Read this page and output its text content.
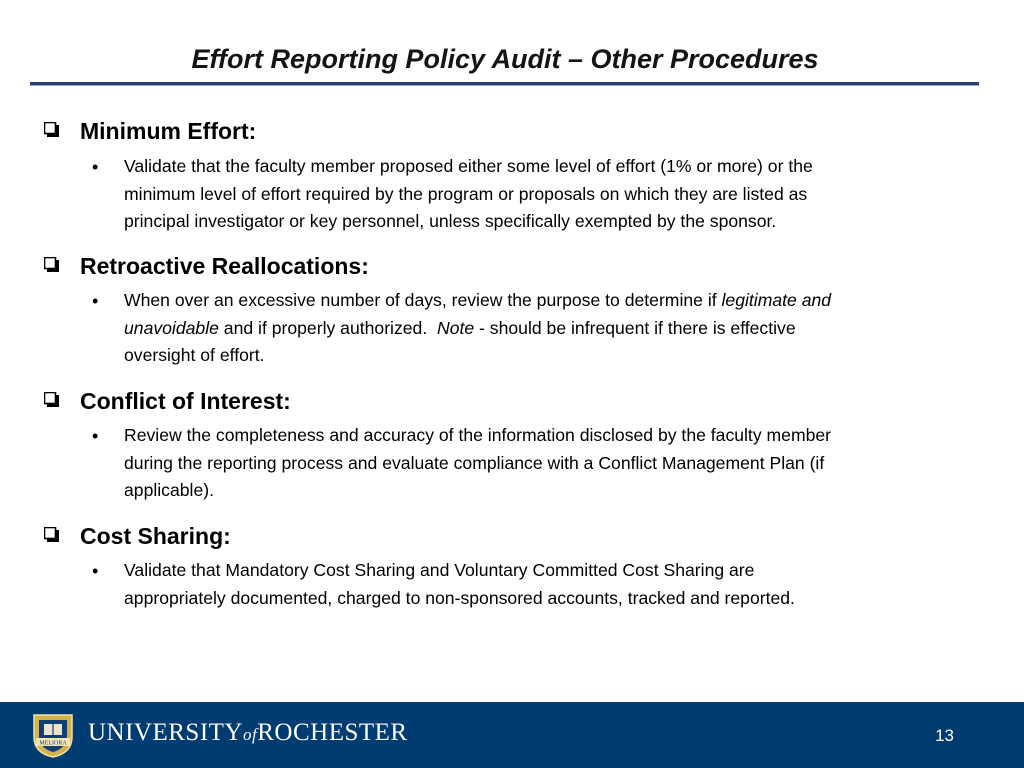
Effort Reporting Policy Audit – Other Procedures
Minimum Effort:
• Validate that the faculty member proposed either some level of effort (1% or more) or the
minimum level of effort required by the program or proposals on which they are listed as
principal investigator or key personnel, unless specifically exempted by the sponsor.
Retroactive Reallocations:
• When over an excessive number of days, review the purpose to determine if legitimate and
unavoidable and if properly authorized.  Note - should be infrequent if there is effective
oversight of effort.
Conflict of Interest:
• Review the completeness and accuracy of the information disclosed by the faculty member
during the reporting process and evaluate compliance with a Conflict Management Plan (if
applicable).
Cost Sharing:
• Validate that Mandatory Cost Sharing and Voluntary Committed Cost Sharing are
appropriately documented, charged to non-sponsored accounts, tracked and reported.
MELIORA UNIVERSITYofROCHESTER	13
